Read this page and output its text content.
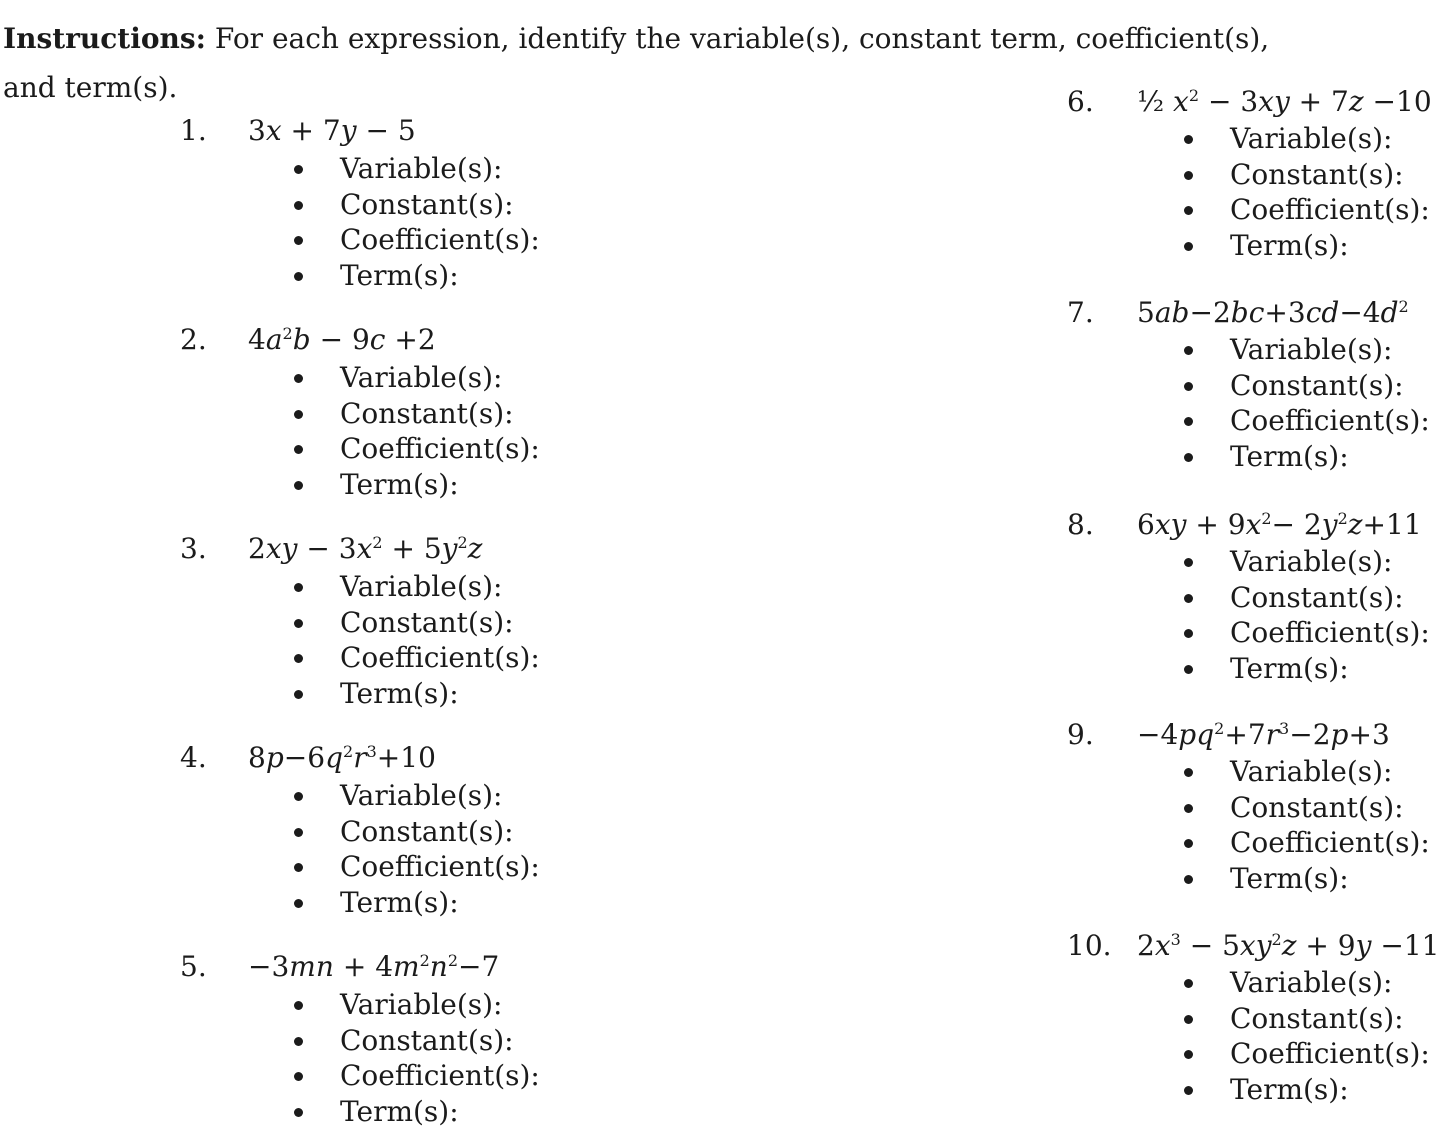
Instructions: For each expression, identify the variable(s), constant term, coefficient(s), and term(s).

1. 3x + 7y − 5
Variable(s):
Constant(s):
Coefficient(s):
Term(s):
2. $4a^2b - 9c +2$
Variable(s):
Constant(s):
Coefficient(s):
Term(s):
3. $2xy - 3x^2 + 5y^2z$
Variable(s):
Constant(s):
Coefficient(s):
Term(s):
4. $8p-6q^2r^3+10$
Variable(s):
Constant(s):
Coefficient(s):
Term(s):
5. $-3mn + 4m^2n^2-7$
Variable(s):
Constant(s):
Coefficient(s):
Term(s):
6. ½ $x^2 - 3xy + 7z -10$
Variable(s):
Constant(s):
Coefficient(s):
Term(s):
7. $5ab-2bc+3cd-4d^2$
Variable(s):
Constant(s):
Coefficient(s):
Term(s):
8. $6xy + 9x^2- 2y^2z+11$
Variable(s):
Constant(s):
Coefficient(s):
Term(s):
9. $-4pq^2+7r^3-2p+3$
Variable(s):
Constant(s):
Coefficient(s):
Term(s):
10. $2x^3 - 5xy^2z + 9y -11$
Variable(s):
Constant(s):
Coefficient(s):
Term(s):
